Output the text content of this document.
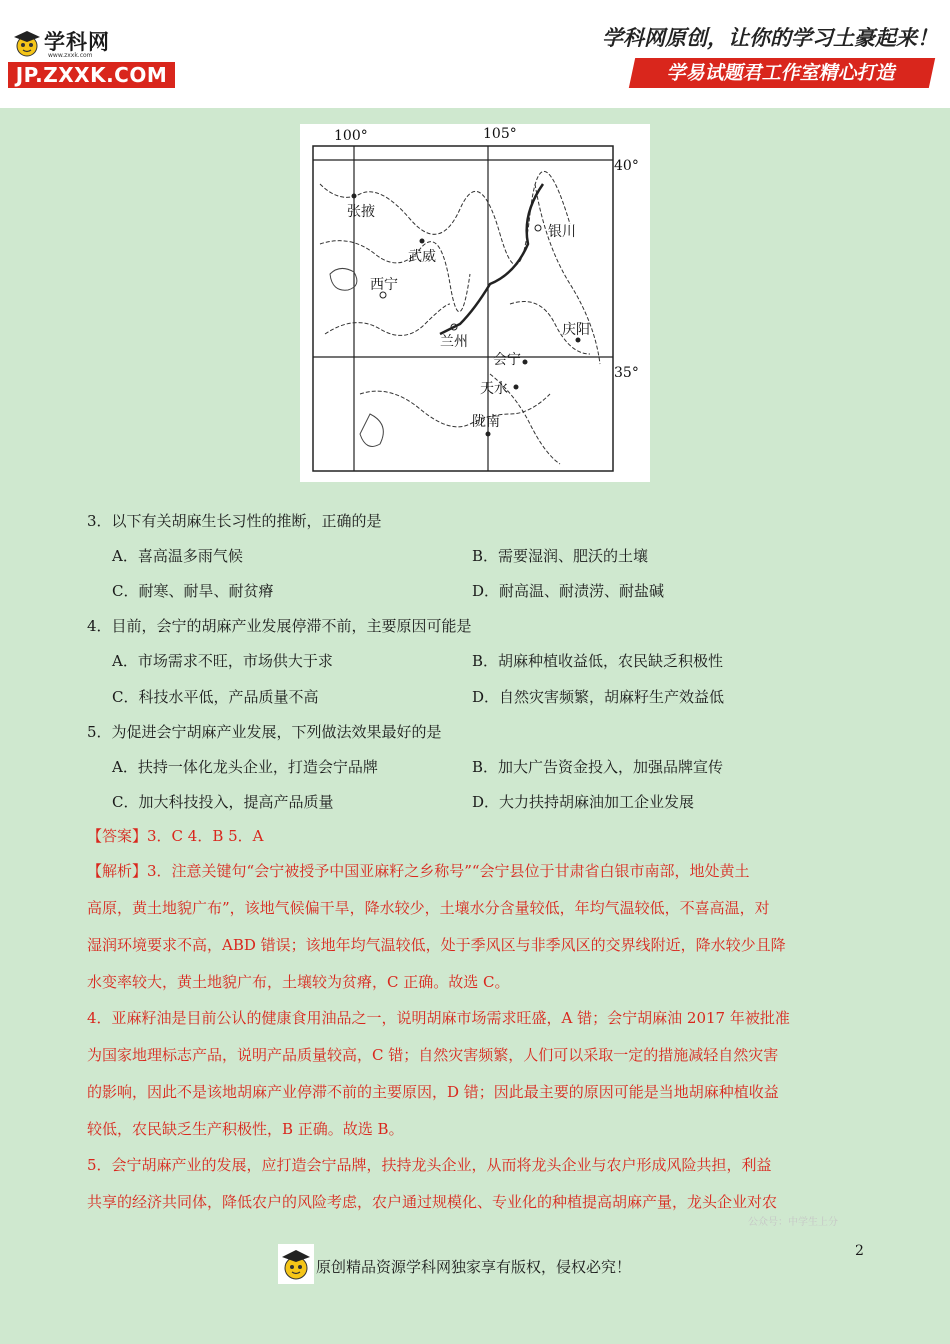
学科网
www.zxxk.com
JP.ZXXK.COM
学科网原创，让你的学习土豪起来！
学易试题君工作室精心打造
100°	105°
40°
35°
张掖
武威
西宁
银川
兰州
庆阳
会宁
天水
陇南
3．以下有关胡麻生长习性的推断，正确的是
A．喜高温多雨气候	B．需要湿润、肥沃的土壤
C．耐寒、耐旱、耐贫瘠	D．耐高温、耐渍涝、耐盐碱
4．目前，会宁的胡麻产业发展停滞不前，主要原因可能是
A．市场需求不旺，市场供大于求	B．胡麻种植收益低，农民缺乏积极性
C．科技水平低，产品质量不高	D．自然灾害频繁，胡麻籽生产效益低
5．为促进会宁胡麻产业发展，下列做法效果最好的是
A．扶持一体化龙头企业，打造会宁品牌	B．加大广告资金投入，加强品牌宣传
C．加大科技投入，提高产品质量	D．大力扶持胡麻油加工企业发展
【答案】3．C 4．B 5．A
【解析】3．注意关键句“会宁被授予中国亚麻籽之乡称号”“会宁县位于甘肃省白银市南部，地处黄土
高原，黄土地貌广布”，该地气候偏干旱，降水较少，土壤水分含量较低，年均气温较低，不喜高温，对
湿润环境要求不高，ABD 错误；该地年均气温较低，处于季风区与非季风区的交界线附近，降水较少且降
水变率较大，黄土地貌广布，土壤较为贫瘠，C 正确。故选 C。
4．亚麻籽油是目前公认的健康食用油品之一，说明胡麻市场需求旺盛，A 错；会宁胡麻油 2017 年被批准
为国家地理标志产品，说明产品质量较高，C 错；自然灾害频繁，人们可以采取一定的措施减轻自然灾害
的影响，因此不是该地胡麻产业停滞不前的主要原因，D 错；因此最主要的原因可能是当地胡麻种植收益
较低，农民缺乏生产积极性，B 正确。故选 B。
5．会宁胡麻产业的发展，应打造会宁品牌，扶持龙头企业，从而将龙头企业与农户形成风险共担，利益
共享的经济共同体，降低农户的风险考虑，农户通过规模化、专业化的种植提高胡麻产量，龙头企业对农
公众号：中学生上分
2
原创精品资源学科网独家享有版权，侵权必究！
